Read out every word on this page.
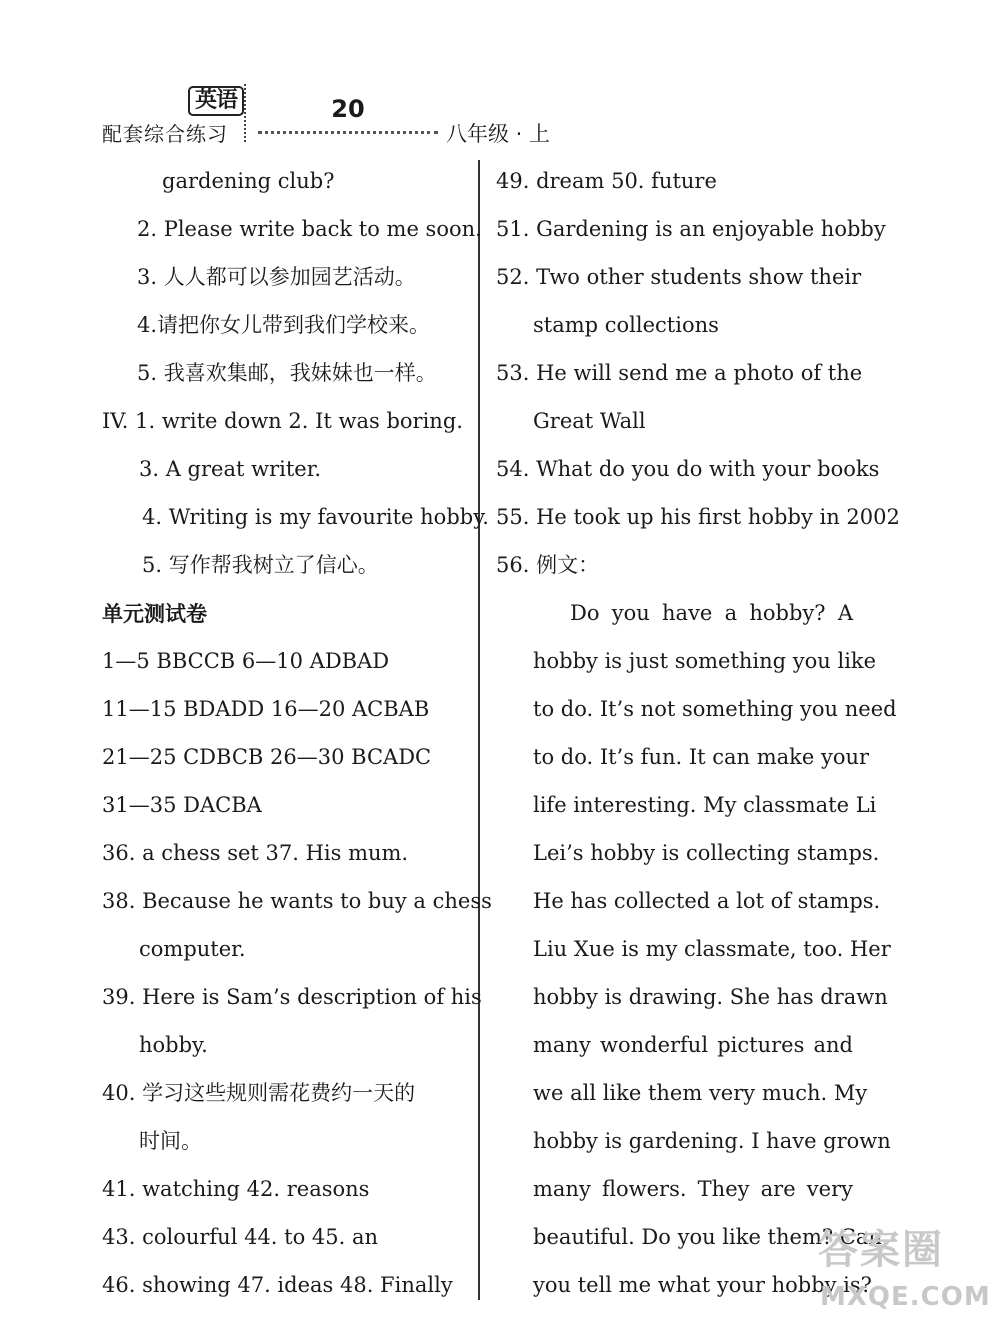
英语
配套综合练习
20
八年级 · 上
gardening club?
2. Please write back to me soon.
3. 人人都可以参加园艺活动。
4.请把你女儿带到我们学校来。
5. 我喜欢集邮，我妹妹也一样。
IV. 1. write down 2. It was boring.
3. A great writer.
4. Writing is my favourite hobby.
5. 写作帮我树立了信心。
单元测试卷
1—5 BBCCB 6—10 ADBAD
11—15 BDADD 16—20 ACBAB
21—25 CDBCB 26—30 BCADC
31—35 DACBA
36. a chess set 37. His mum.
38. Because he wants to buy a chess
computer.
39. Here is Sam’s description of his
hobby.
40. 学习这些规则需花费约一天的
时间。
41. watching 42. reasons
43. colourful 44. to 45. an
46. showing 47. ideas 48. Finally
49. dream 50. future
51. Gardening is an enjoyable hobby
52. Two other students show their
stamp collections
53. He will send me a photo of the
Great Wall
54. What do you do with your books
55. He took up his first hobby in 2002
56. 例文：
Do you have a hobby? A
hobby is just something you like
to do. It’s not something you need
to do. It’s fun. It can make your
life interesting. My classmate Li
Lei’s hobby is collecting stamps.
He has collected a lot of stamps.
Liu Xue is my classmate, too. Her
hobby is drawing. She has drawn
many wonderful pictures and
we all like them very much. My
hobby is gardening. I have grown
many flowers. They are very
beautiful. Do you like them? Can
you tell me what your hobby is?
答案圈
MXQE.COM
